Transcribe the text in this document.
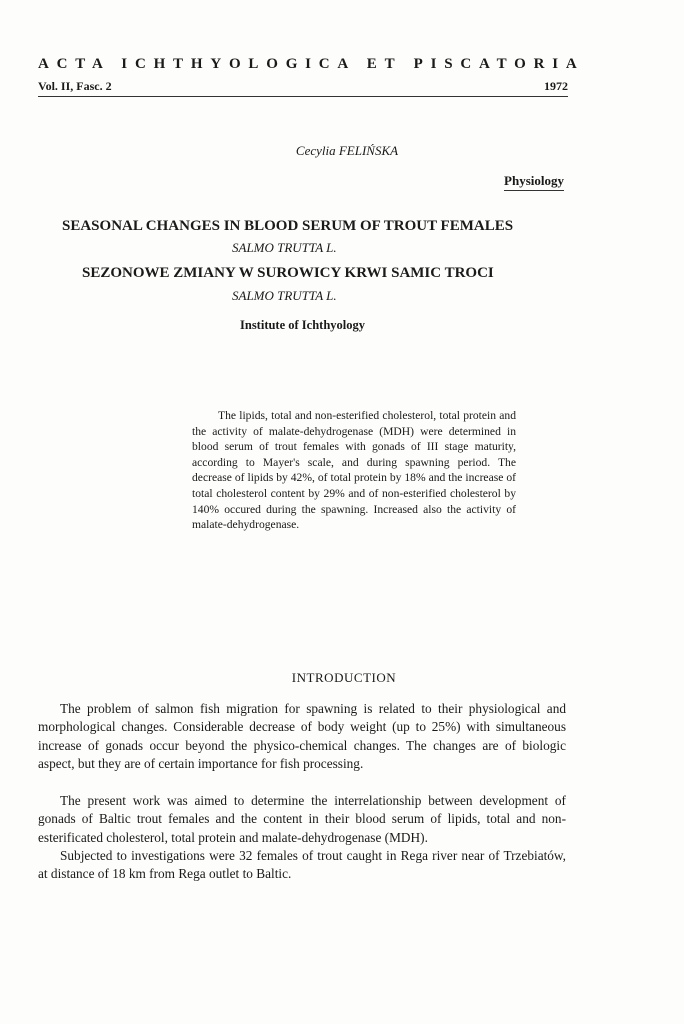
ACTA ICHTHYOLOGICA ET PISCATORIA
Vol. II, Fasc. 2	1972
Cecylia FELIŃSKA
Physiology
SEASONAL CHANGES IN BLOOD SERUM OF TROUT FEMALES
SALMO TRUTTA L.
SEZONOWE ZMIANY W SUROWICY KRWI SAMIC TROCI
SALMO TRUTTA L.
Institute of Ichthyology
The lipids, total and non-esterified cholesterol, total protein and the activity of malate-dehydrogenase (MDH) were determined in blood serum of trout females with gonads of III stage maturity, according to Mayer's scale, and during spawning period. The decrease of lipids by 42%, of total protein by 18% and the increase of total cholesterol content by 29% and of non-esterified cholesterol by 140% occured during the spawning. Increased also the activity of malate-dehydrogenase.
INTRODUCTION

The problem of salmon fish migration for spawning is related to their physiological and morphological changes. Considerable decrease of body weight (up to 25%) with simultaneous increase of gonads occur beyond the physico-chemical changes. The changes are of biologic aspect, but they are of certain importance for fish processing.

The present work was aimed to determine the interrelationship between development of gonads of Baltic trout females and the content in their blood serum of lipids, total and non-esterificated cholesterol, total protein and malate-dehydrogenase (MDH).

Subjected to investigations were 32 females of trout caught in Rega river near of Trzebiatów, at distance of 18 km from Rega outlet to Baltic.
